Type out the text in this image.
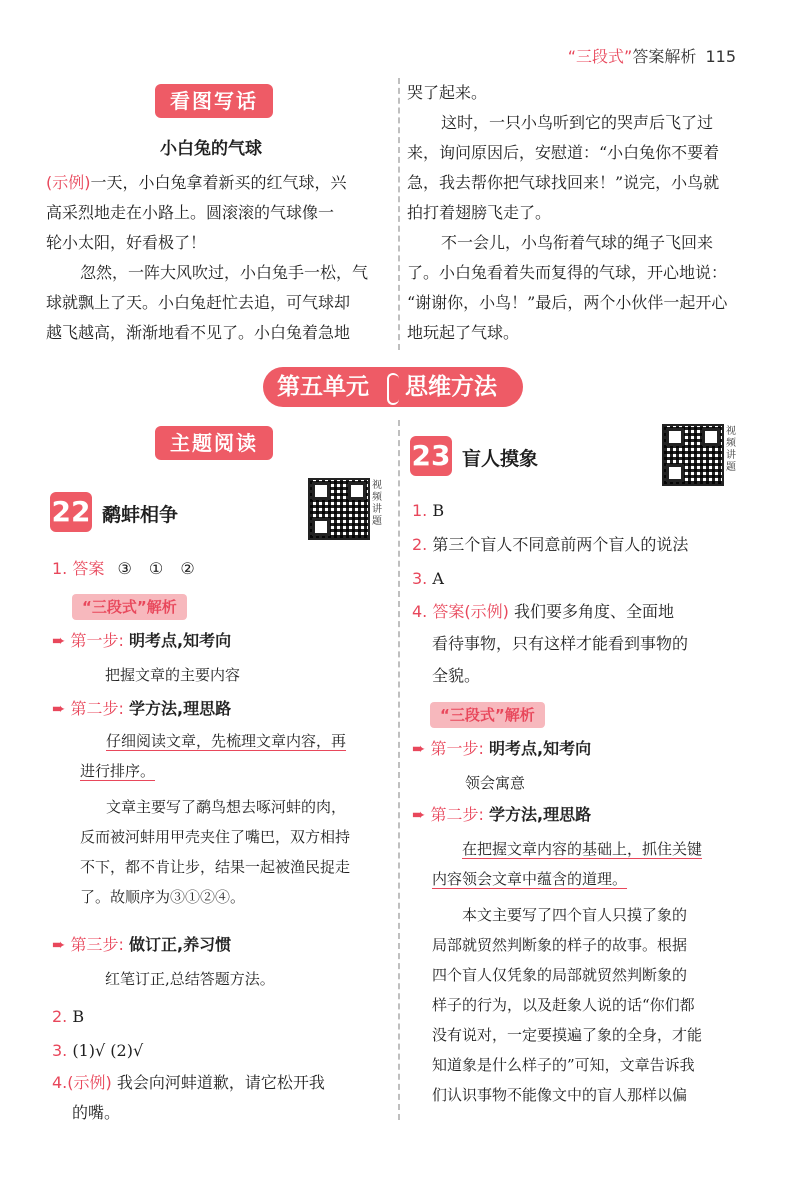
“三段式”答案解析 115
看图写话
小白兔的气球
(示例)一天，小白兔拿着新买的红气球，兴
高采烈地走在小路上。圆滚滚的气球像一
轮小太阳，好看极了！
忽然，一阵大风吹过，小白兔手一松，气
球就飘上了天。小白兔赶忙去追，可气球却
越飞越高，渐渐地看不见了。小白兔着急地
哭了起来。
这时，一只小鸟听到它的哭声后飞了过
来，询问原因后，安慰道：“小白兔你不要着
急，我去帮你把气球找回来！”说完，小鸟就
拍打着翅膀飞走了。
不一会儿，小鸟衔着气球的绳子飞回来
了。小白兔看着失而复得的气球，开心地说：
“谢谢你，小鸟！”最后，两个小伙伴一起开心
地玩起了气球。
第五单元 思维方法
主题阅读
22 鹬蚌相争
视频讲题
1. 答案 ③ ① ②
“三段式”解析
➨ 第一步: 明考点,知考向
把握文章的主要内容
➨ 第二步: 学方法,理思路
仔细阅读文章，先梳理文章内容，再
进行排序。
文章主要写了鹬鸟想去啄河蚌的肉，
反而被河蚌用甲壳夹住了嘴巴，双方相持
不下，都不肯让步，结果一起被渔民捉走
了。故顺序为③①②④。
➨ 第三步: 做订正,养习惯
红笔订正,总结答题方法。
2. B
3. (1)√ (2)√
4.(示例) 我会向河蚌道歉，请它松开我
的嘴。
23 盲人摸象
视频讲题
1. B
2. 第三个盲人不同意前两个盲人的说法
3. A
4. 答案(示例) 我们要多角度、全面地
看待事物，只有这样才能看到事物的
全貌。
“三段式”解析
➨ 第一步: 明考点,知考向
领会寓意
➨ 第二步: 学方法,理思路
在把握文章内容的基础上，抓住关键
内容领会文章中蕴含的道理。
本文主要写了四个盲人只摸了象的
局部就贸然判断象的样子的故事。根据
四个盲人仅凭象的局部就贸然判断象的
样子的行为，以及赶象人说的话“你们都
没有说对，一定要摸遍了象的全身，才能
知道象是什么样子的”可知，文章告诉我
们认识事物不能像文中的盲人那样以偏
